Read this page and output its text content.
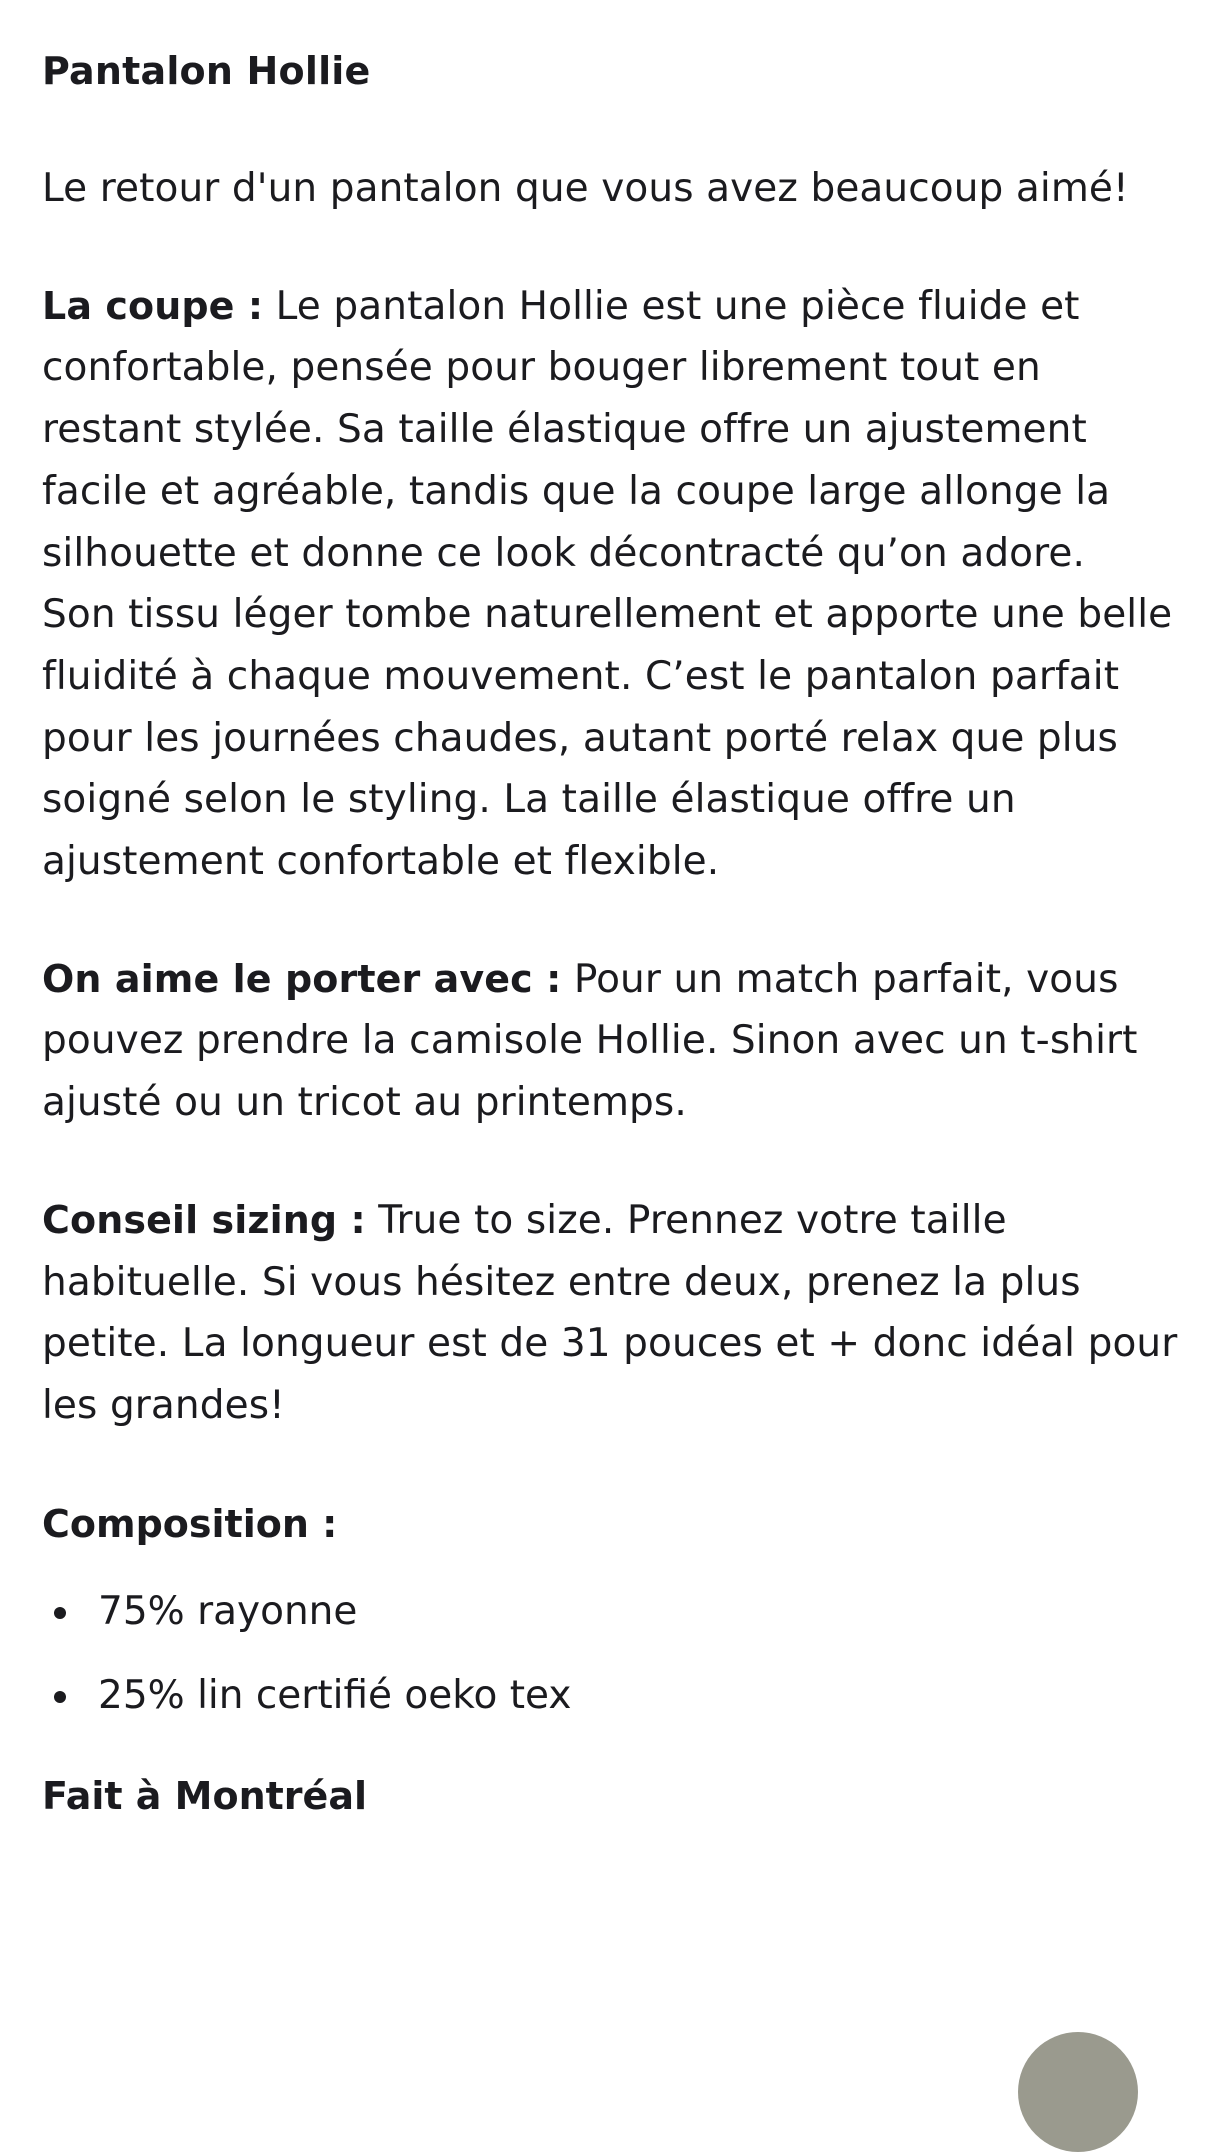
Pantalon Hollie
Le retour d'un pantalon que vous avez beaucoup aimé!
La coupe : Le pantalon Hollie est une pièce fluide et confortable, pensée pour bouger librement tout en restant stylée. Sa taille élastique offre un ajustement facile et agréable, tandis que la coupe large allonge la silhouette et donne ce look décontracté qu’on adore.
Son tissu léger tombe naturellement et apporte une belle fluidité à chaque mouvement. C’est le pantalon parfait pour les journées chaudes, autant porté relax que plus soigné selon le styling. La taille élastique offre un ajustement confortable et flexible.
On aime le porter avec : Pour un match parfait, vous pouvez prendre la camisole Hollie. Sinon avec un t-shirt ajusté ou un tricot au printemps.
Conseil sizing : True to size. Prennez votre taille habituelle. Si vous hésitez entre deux, prenez la plus petite. La longueur est de 31 pouces et + donc idéal pour les grandes!
Composition :
75% rayonne
25% lin certifié oeko tex
Fait à Montréal
